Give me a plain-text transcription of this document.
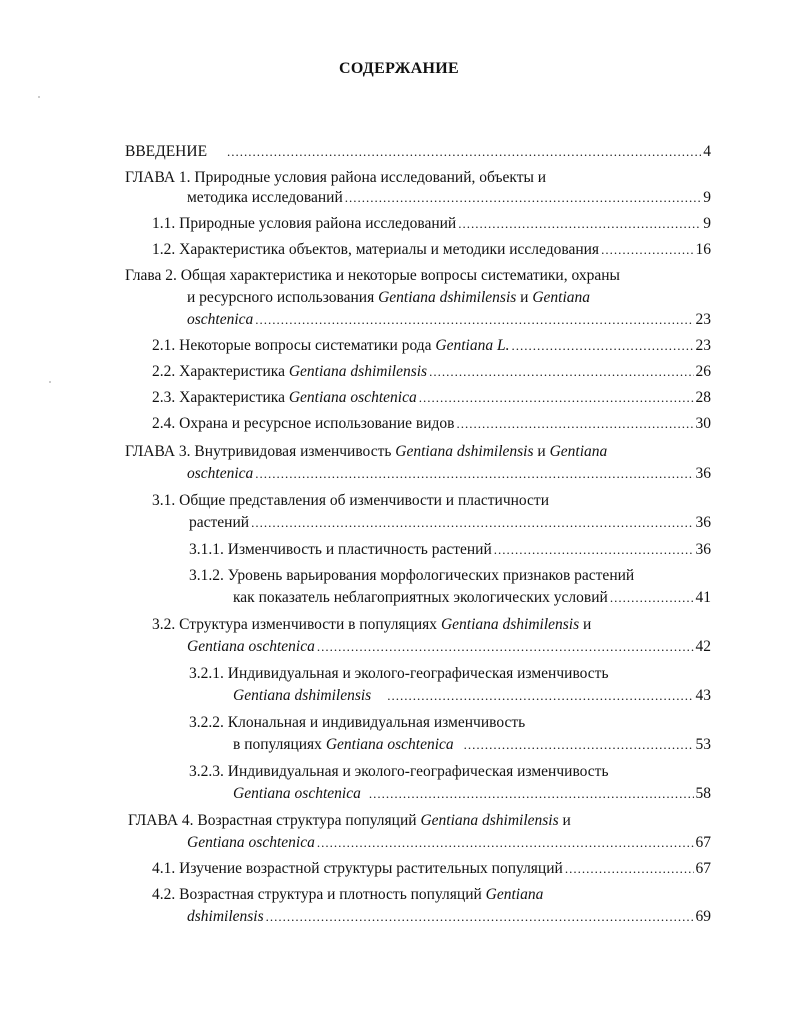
СОДЕРЖАНИЕ
ВВЕДЕНИЕ .....	4
ГЛАВА 1. Природные условия района исследований, объекты и
методика исследований .....	9
1.1. Природные условия района исследований .....	9
1.2. Характеристика объектов, материалы и методики исследования .....	16
Глава 2. Общая характеристика и некоторые вопросы систематики, охраны
и ресурсного использования Gentiana dshimilensis и Gentiana
oschtenica .....	23
2.1. Некоторые вопросы систематики рода Gentiana L. .....	23
2.2. Характеристика Gentiana dshimilensis .....	26
2.3. Характеристика Gentiana oschtenica .....	28
2.4. Охрана и ресурсное использование видов .....	30
ГЛАВА 3. Внутривидовая изменчивость Gentiana dshimilensis и Gentiana
oschtenica .....	36
3.1. Общие представления об изменчивости и пластичности
растений .....	36
3.1.1. Изменчивость и пластичность растений .....	36
3.1.2. Уровень варьирования морфологических признаков растений
как показатель неблагоприятных экологических условий .....	41
3.2. Структура изменчивости в популяциях Gentiana dshimilensis и
Gentiana oschtenica .....	42
3.2.1. Индивидуальная и эколого-географическая изменчивость
Gentiana dshimilensis .....	43
3.2.2. Клональная и индивидуальная изменчивость
в популяциях Gentiana oschtenica .....	53
3.2.3. Индивидуальная и эколого-географическая изменчивость
Gentiana oschtenica .....	58
ГЛАВА 4. Возрастная структура популяций Gentiana dshimilensis и
Gentiana oschtenica .....	67
4.1. Изучение возрастной структуры растительных популяций .....	67
4.2. Возрастная структура и плотность популяций Gentiana
dshimilensis .....	69
